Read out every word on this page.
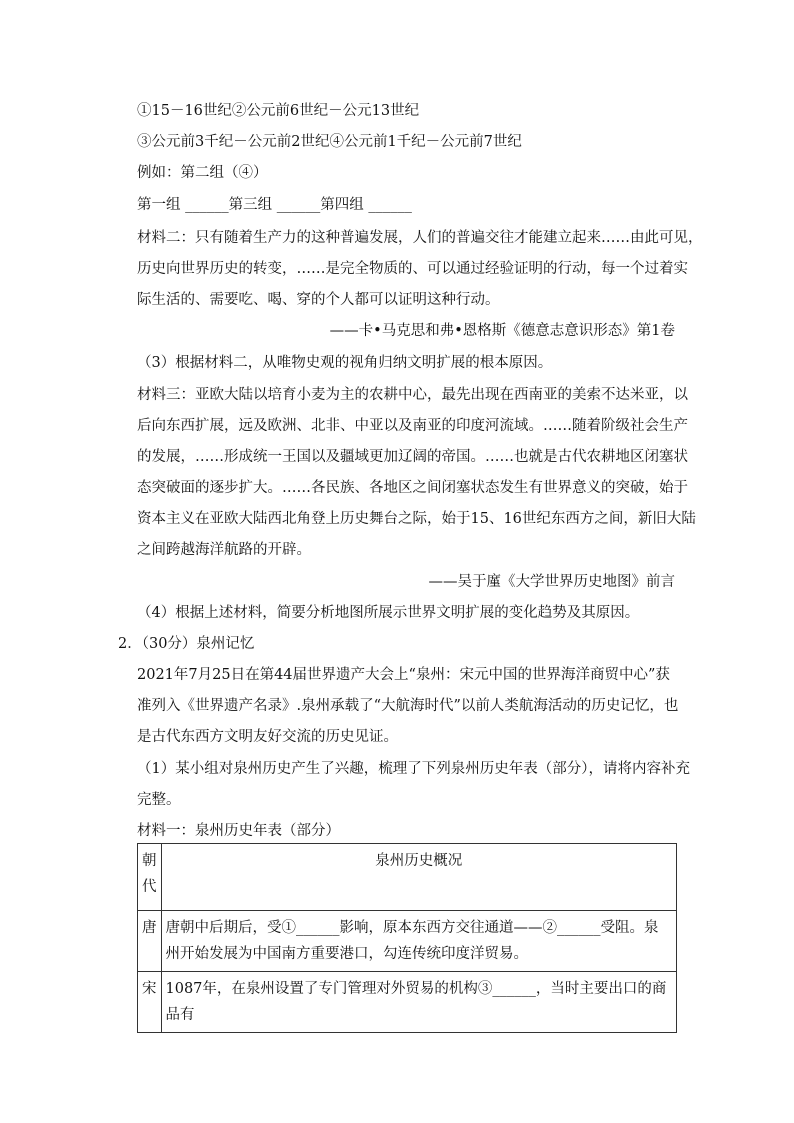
①15－16世纪②公元前6世纪－公元13世纪
③公元前3千纪－公元前2世纪④公元前1千纪－公元前7世纪
例如：第二组（④）
第一组 ______第三组 ______第四组 ______
材料二：只有随着生产力的这种普遍发展，人们的普遍交往才能建立起来……由此可见，
历史向世界历史的转变，……是完全物质的、可以通过经验证明的行动，每一个过着实
际生活的、需要吃、喝、穿的个人都可以证明这种行动。
——卡•马克思和弗•恩格斯《德意志意识形态》第1卷
（3）根据材料二，从唯物史观的视角归纳文明扩展的根本原因。
材料三：亚欧大陆以培育小麦为主的农耕中心，最先出现在西南亚的美索不达米亚，以
后向东西扩展，远及欧洲、北非、中亚以及南亚的印度河流域。……随着阶级社会生产
的发展，……形成统一王国以及疆域更加辽阔的帝国。……也就是古代农耕地区闭塞状
态突破面的逐步扩大。……各民族、各地区之间闭塞状态发生有世界意义的突破，始于
资本主义在亚欧大陆西北角登上历史舞台之际，始于15、16世纪东西方之间，新旧大陆
之间跨越海洋航路的开辟。
——吴于廑《大学世界历史地图》前言
（4）根据上述材料，简要分析地图所展示世界文明扩展的变化趋势及其原因。
2．（30分）泉州记忆
2021年7月25日在第44届世界遗产大会上“泉州：宋元中国的世界海洋商贸中心”获
准列入《世界遗产名录》.泉州承载了“大航海时代”以前人类航海活动的历史记忆，也
是古代东西方文明友好交流的历史见证。
（1）某小组对泉州历史产生了兴趣，梳理了下列泉州历史年表（部分），请将内容补充
完整。
材料一：泉州历史年表（部分）
朝代	泉州历史概况
唐	唐朝中后期后，受①______影响，原本东西方交往通道——②______受阻。泉州开始发展为中国南方重要港口，勾连传统印度洋贸易。
宋	1087年，在泉州设置了专门管理对外贸易的机构③______，当时主要出口的商品有
